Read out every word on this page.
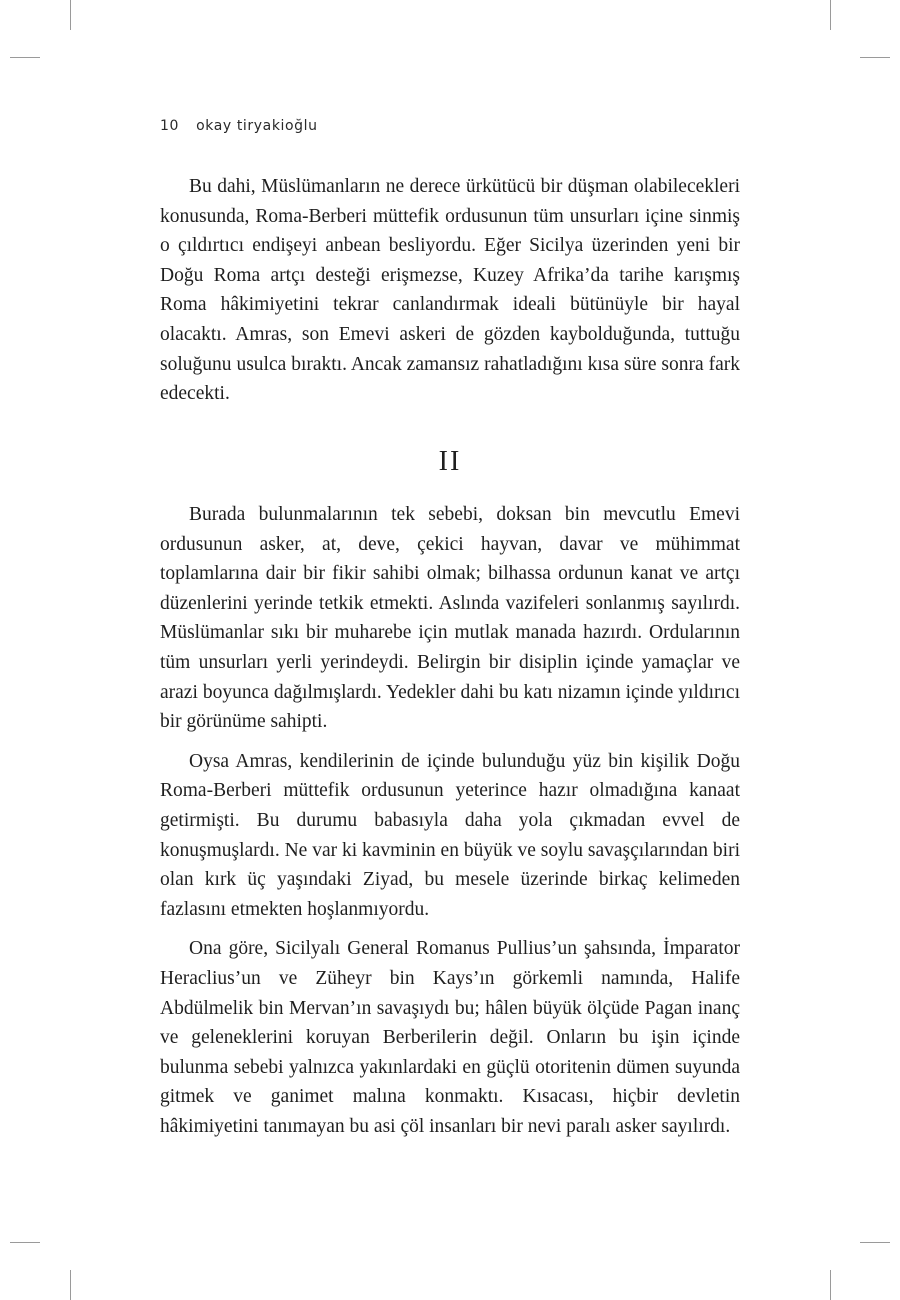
10 okay tiryakioğlu

Bu dahi, Müslümanların ne derece ürkütücü bir düşman olabilecekleri konusunda, Roma-Berberi müttefik ordusunun tüm unsurları içine sinmiş o çıldırtıcı endişeyi anbean besliyordu. Eğer Sicilya üzerinden yeni bir Doğu Roma artçı desteği erişmezse, Kuzey Afrika’da tarihe karışmış Roma hâkimiyetini tekrar canlandırmak ideali bütünüyle bir hayal olacaktı. Amras, son Emevi askeri de gözden kaybolduğunda, tuttuğu soluğunu usulca bıraktı. Ancak zamansız rahatladığını kısa süre sonra fark edecekti.

II

Burada bulunmalarının tek sebebi, doksan bin mevcutlu Emevi ordusunun asker, at, deve, çekici hayvan, davar ve mühimmat toplamlarına dair bir fikir sahibi olmak; bilhassa ordunun kanat ve artçı düzenlerini yerinde tetkik etmekti. Aslında vazifeleri sonlanmış sayılırdı. Müslümanlar sıkı bir muharebe için mutlak manada hazırdı. Ordularının tüm unsurları yerli yerindeydi. Belirgin bir disiplin içinde yamaçlar ve arazi boyunca dağılmışlardı. Yedekler dahi bu katı nizamın içinde yıldırıcı bir görünüme sahipti.

Oysa Amras, kendilerinin de içinde bulunduğu yüz bin kişilik Doğu Roma-Berberi müttefik ordusunun yeterince hazır olmadığına kanaat getirmişti. Bu durumu babasıyla daha yola çıkmadan evvel de konuşmuşlardı. Ne var ki kavminin en büyük ve soylu savaşçılarından biri olan kırk üç yaşındaki Ziyad, bu mesele üzerinde birkaç kelimeden fazlasını etmekten hoşlanmıyordu.

Ona göre, Sicilyalı General Romanus Pullius’un şahsında, İmparator Heraclius’un ve Züheyr bin Kays’ın görkemli namında, Halife Abdülmelik bin Mervan’ın savaşıydı bu; hâlen büyük ölçüde Pagan inanç ve geleneklerini koruyan Berberilerin değil. Onların bu işin içinde bulunma sebebi yalnızca yakınlardaki en güçlü otoritenin dümen suyunda gitmek ve ganimet malına konmaktı. Kısacası, hiçbir devletin hâkimiyetini tanımayan bu asi çöl insanları bir nevi paralı asker sayılırdı.
